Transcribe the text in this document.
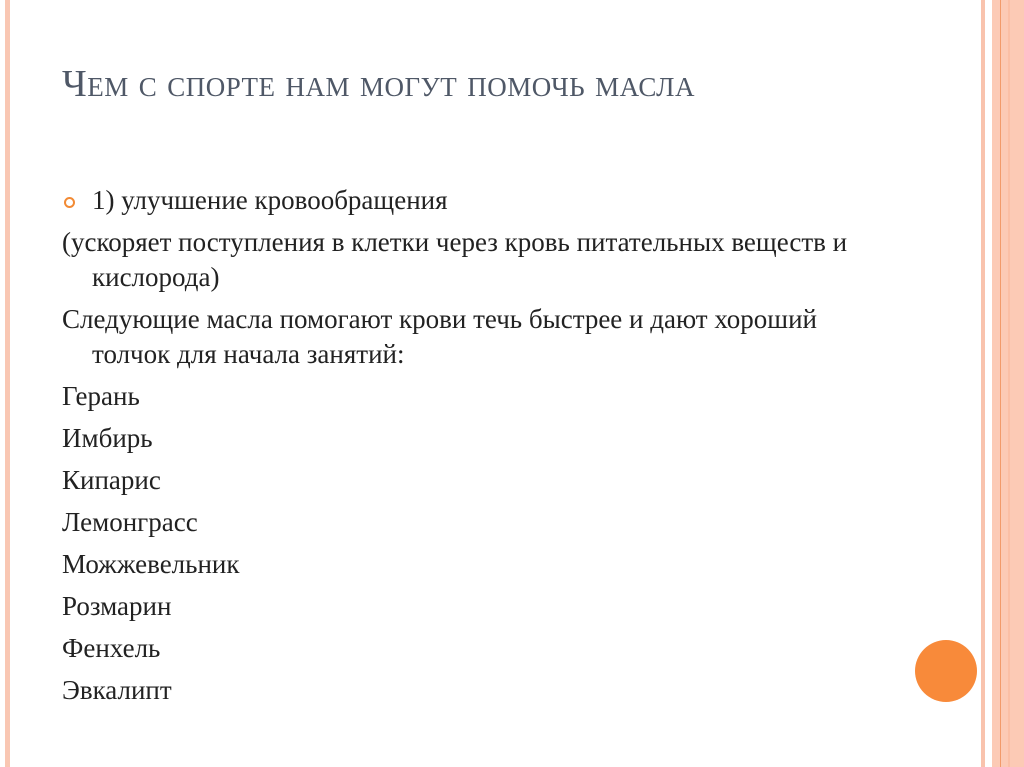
Чем с спорте нам могут помочь масла
1) улучшение кровообращения
(ускоряет поступления в клетки через кровь питательных веществ и кислорода)
Следующие масла помогают крови течь быстрее и дают хороший толчок для начала занятий:
Герань
Имбирь
Кипарис
Лемонграсс
Можжевельник
Розмарин
Фенхель
Эвкалипт
